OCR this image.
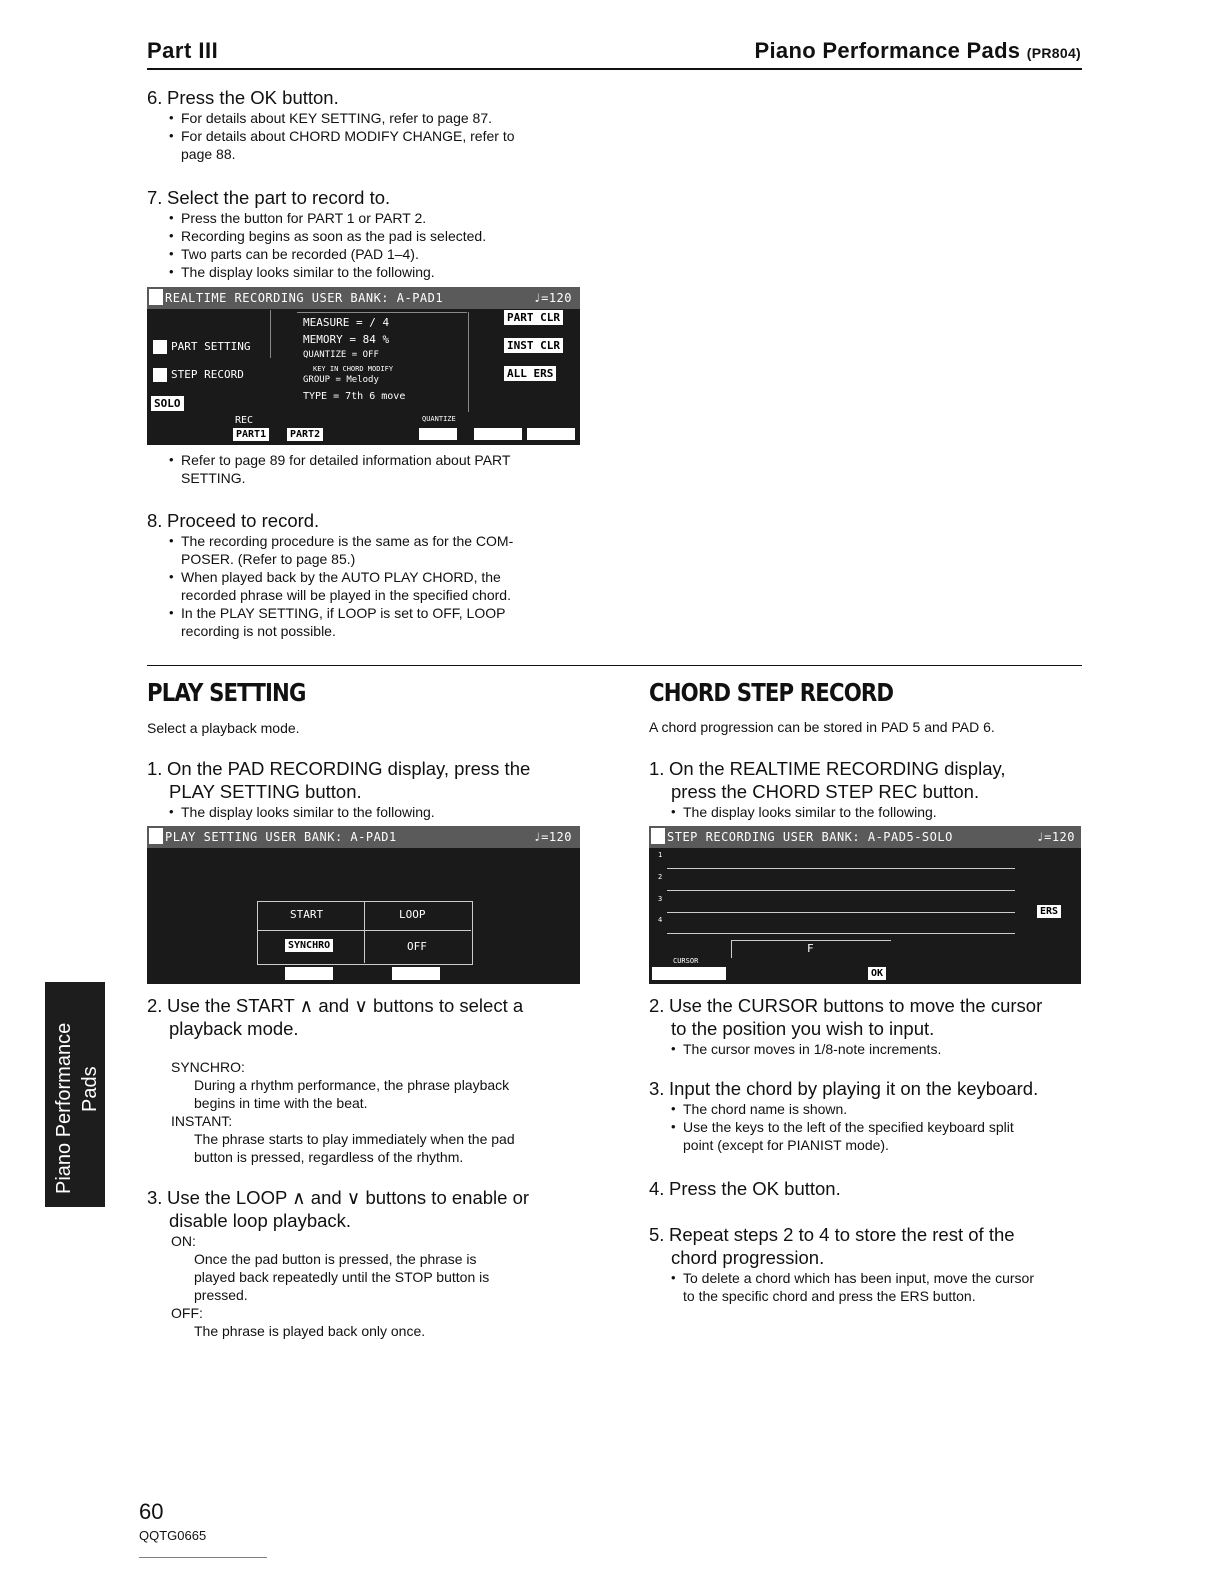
Part III	Piano Performance Pads (PR804)
6. Press the OK button.
• For details about KEY SETTING, refer to page 87.
• For details about CHORD MODIFY CHANGE, refer to
page 88.
7. Select the part to record to.
• Press the button for PART 1 or PART 2.
• Recording begins as soon as the pad is selected.
• Two parts can be recorded (PAD 1–4).
• The display looks similar to the following.
REALTIME RECORDING USER BANK: A-PAD1	♩=120
PART SETTING
STEP RECORD
SOLO
MEASURE = / 4
MEMORY = 84 %
QUANTIZE = OFF
KEY IN CHORD MODIFY
GROUP = Melody
TYPE = 7th 6 move
PART CLR
INST CLR
ALL ERS
REC
PART1	PART2
QUANTIZE
• Refer to page 89 for detailed information about PART
SETTING.
8. Proceed to record.
• The recording procedure is the same as for the COM-
POSER. (Refer to page 85.)
• When played back by the AUTO PLAY CHORD, the
recorded phrase will be played in the specified chord.
• In the PLAY SETTING, if LOOP is set to OFF, LOOP
recording is not possible.
PLAY SETTING
Select a playback mode.
1. On the PAD RECORDING display, press the
PLAY SETTING button.
• The display looks similar to the following.
PLAY SETTING USER BANK: A-PAD1	♩=120
START	LOOP
SYNCHRO	OFF
2. Use the START ∧ and ∨ buttons to select a
playback mode.
SYNCHRO:
During a rhythm performance, the phrase playback
begins in time with the beat.
INSTANT:
The phrase starts to play immediately when the pad
button is pressed, regardless of the rhythm.
3. Use the LOOP ∧ and ∨ buttons to enable or
disable loop playback.
ON:
Once the pad button is pressed, the phrase is
played back repeatedly until the STOP button is
pressed.
OFF:
The phrase is played back only once.
CHORD STEP RECORD
A chord progression can be stored in PAD 5 and PAD 6.
1. On the REALTIME RECORDING display,
press the CHORD STEP REC button.
• The display looks similar to the following.
STEP RECORDING USER BANK: A-PAD5-SOLO	♩=120
1
2
3
4
F
CURSOR
ERS
OK
2. Use the CURSOR buttons to move the cursor
to the position you wish to input.
• The cursor moves in 1/8-note increments.
3. Input the chord by playing it on the keyboard.
• The chord name is shown.
• Use the keys to the left of the specified keyboard split
point (except for PIANIST mode).
4. Press the OK button.
5. Repeat steps 2 to 4 to store the rest of the
chord progression.
• To delete a chord which has been input, move the cursor
to the specific chord and press the ERS button.
Piano Performance Pads
60
QQTG0665
